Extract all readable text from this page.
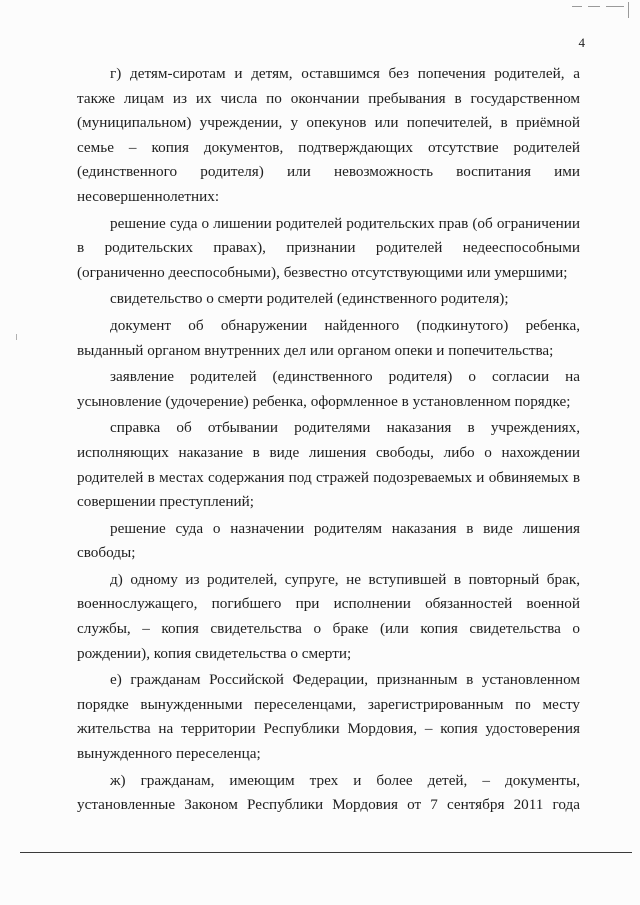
4

г) детям-сиротам и детям, оставшимся без попечения родителей, а также лицам из их числа по окончании пребывания в государственном (муниципальном) учреждении, у опекунов или попечителей, в приёмной семье – копия документов, подтверждающих отсутствие родителей (единственного родителя) или невозможность воспитания ими несовершеннолетних:

решение суда о лишении родителей родительских прав (об ограничении в родительских правах), признании родителей недееспособными (ограниченно дееспособными), безвестно отсутствующими или умершими;

свидетельство о смерти родителей (единственного родителя);

документ об обнаружении найденного (подкинутого) ребенка, выданный органом внутренних дел или органом опеки и попечительства;

заявление родителей (единственного родителя) о согласии на усыновление (удочерение) ребенка, оформленное в установленном порядке;

справка об отбывании родителями наказания в учреждениях, исполняющих наказание в виде лишения свободы, либо о нахождении родителей в местах содержания под стражей подозреваемых и обвиняемых в совершении преступлений;

решение суда о назначении родителям наказания в виде лишения свободы;

д) одному из родителей, супруге, не вступившей в повторный брак, военнослужащего, погибшего при исполнении обязанностей военной службы, – копия свидетельства о браке (или копия свидетельства о рождении), копия свидетельства о смерти;

е) гражданам Российской Федерации, признанным в установленном порядке вынужденными переселенцами, зарегистрированным по месту жительства на территории Республики Мордовия, – копия удостоверения вынужденного переселенца;

ж) гражданам, имеющим трех и более детей, – документы, установленные Законом Республики Мордовия от 7 сентября 2011 года
